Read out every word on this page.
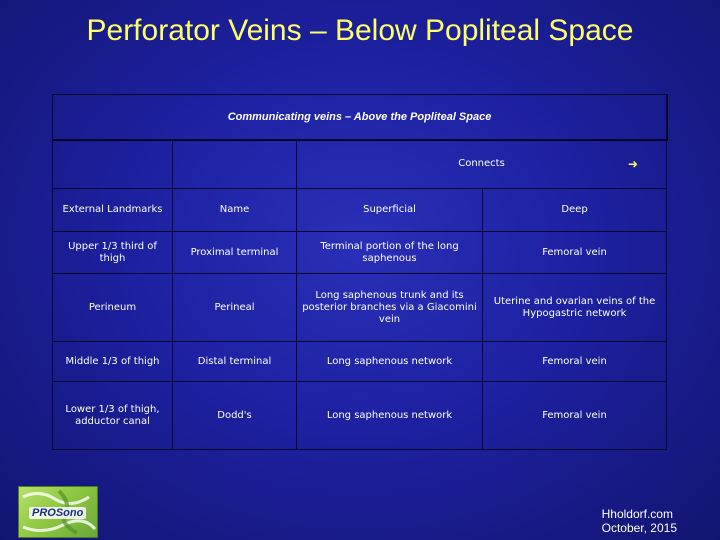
Perforator Veins – Below Popliteal Space
Communicating veins – Above the Popliteal Space			
		Connects ➜	

External Landmarks	Name	Superficial	Deep
Upper 1/3 third of thigh	Proximal terminal	Terminal portion of the long saphenous	Femoral vein
Perineum	Perineal	Long saphenous trunk and its posterior branches via a Giacomini vein	Uterine and ovarian veins of the Hypogastric network
Middle 1/3 of thigh	Distal terminal	Long saphenous network	Femoral vein
Lower 1/3 of thigh, adductor canal	Dodd's	Long saphenous network	Femoral vein
PROSono	Hholdorf.com
October, 2015
